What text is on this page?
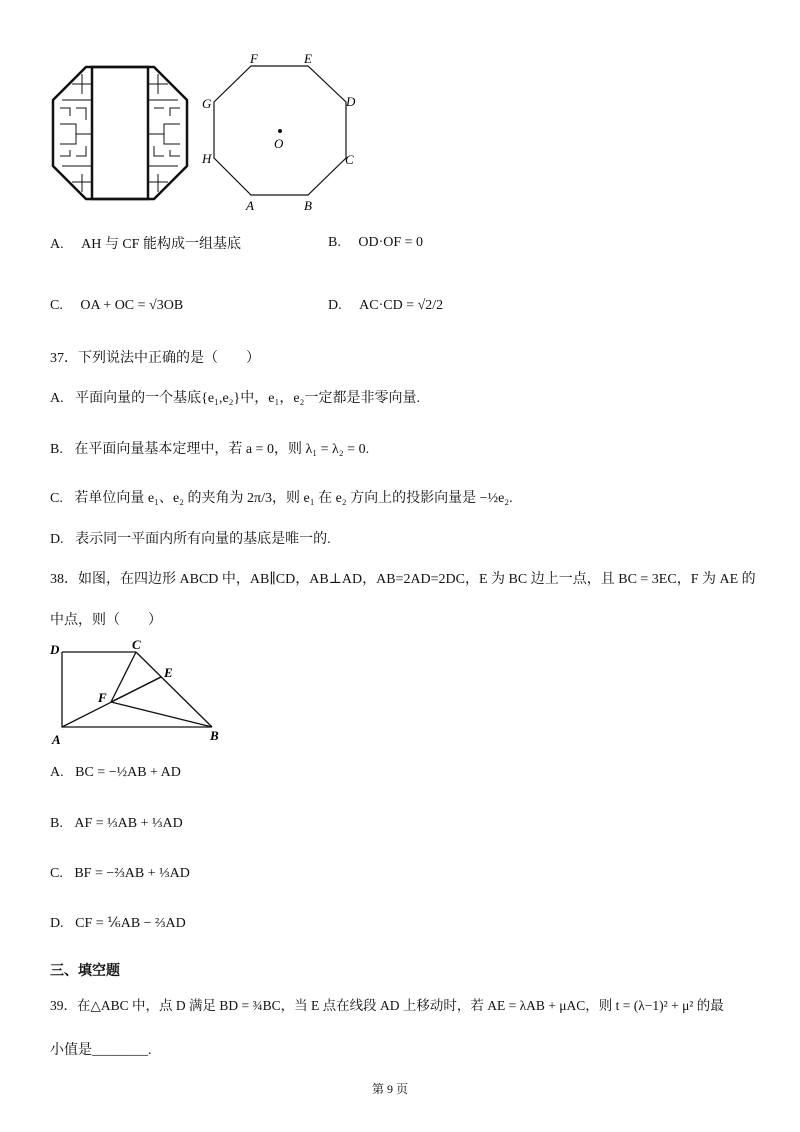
F	E
D
C
B
A
H
G
O
A. AH 与 CF 能构成一组基底	B. OD·OF = 0
C. OA + OC = √3OB	D. AC·CD = √2/2
37．下列说法中正确的是（　　）
A. 平面向量的一个基底{e₁,e₂}中，e₁，e₂一定都是非零向量.
B. 在平面向量基本定理中，若 a = 0，则 λ₁ = λ₂ = 0.
C. 若单位向量 e₁、e₂ 的夹角为 2π/3，则 e₁ 在 e₂ 方向上的投影向量是 −½e₂.
D. 表示同一平面内所有向量的基底是唯一的.
38．如图，在四边形 ABCD 中，AB∥CD，AB⊥AD，AB=2AD=2DC，E 为 BC 边上一点，且 BC = 3EC，F 为 AE 的
中点，则（　　）
D	C
E
F
A	B
A. BC = −½AB + AD
B. AF = ⅓AB + ⅓AD
C. BF = −⅔AB + ⅓AD
D. CF = ⅙AB − ⅔AD
三、填空题
39．在△ABC 中，点 D 满足 BD = ¾BC，当 E 点在线段 AD 上移动时，若 AE = λAB + μAC，则 t = (λ−1)² + μ² 的最
小值是________.
第 9 页
